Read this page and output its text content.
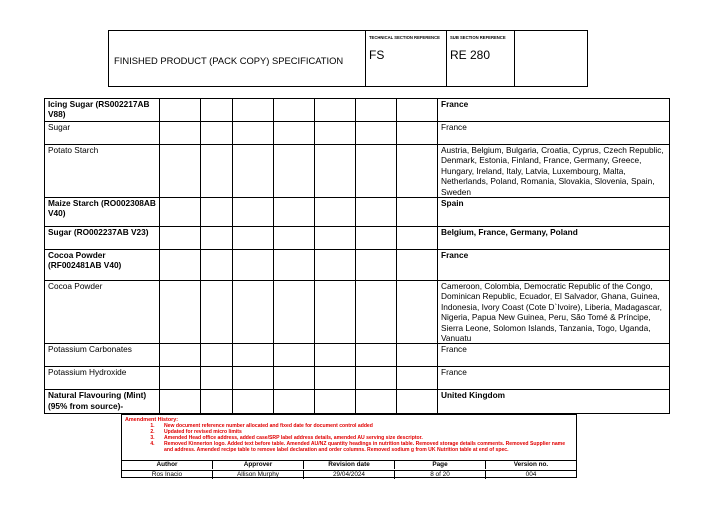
FINISHED PRODUCT (PACK COPY) SPECIFICATION
TECHNICAL SECTION REFERENCE
FS
SUB SECTION REFERENCE
RE 280
Icing Sugar (RS002217AB V88)								France
Sugar								France
Potato Starch								Austria, Belgium, Bulgaria, Croatia, Cyprus, Czech Republic, Denmark, Estonia, Finland, France, Germany, Greece, Hungary, Ireland, Italy, Latvia, Luxembourg, Malta, Netherlands, Poland, Romania, Slovakia, Slovenia, Spain, Sweden
Maize Starch (RO002308AB V40)								Spain
Sugar (RO002237AB V23)								Belgium, France, Germany, Poland
Cocoa Powder (RF002481AB V40)								France
Cocoa Powder								Cameroon, Colombia, Democratic Republic of the Congo, Dominican Republic, Ecuador, El Salvador, Ghana, Guinea, Indonesia, Ivory Coast (Cote D`Ivoire), Liberia, Madagascar, Nigeria, Papua New Guinea, Peru, São Tomé & Príncipe, Sierra Leone, Solomon Islands, Tanzania, Togo, Uganda, Vanuatu
Potassium Carbonates								France
Potassium Hydroxide								France
Natural Flavouring (Mint) (95% from source)-								United Kingdom
Amendment History:
1. New document reference number allocated and fixed date for document control added
2. Updated for revised micro limits
3. Amended Head office address, added case/SRP label address details, amended AU serving size descriptor.
4. Removed Kinnerton logo. Added text before table. Amended AU/NZ quantity headings in nutrition table. Removed storage details comments. Removed Supplier name and address. Amended recipe table to remove label declaration and order columns. Removed sodium g from UK Nutrition table at end of spec.
Author	Approver	Revision date	Page	Version no.
Ros Inacio	Allison Murphy	29/04/2024	8 of 20	004
